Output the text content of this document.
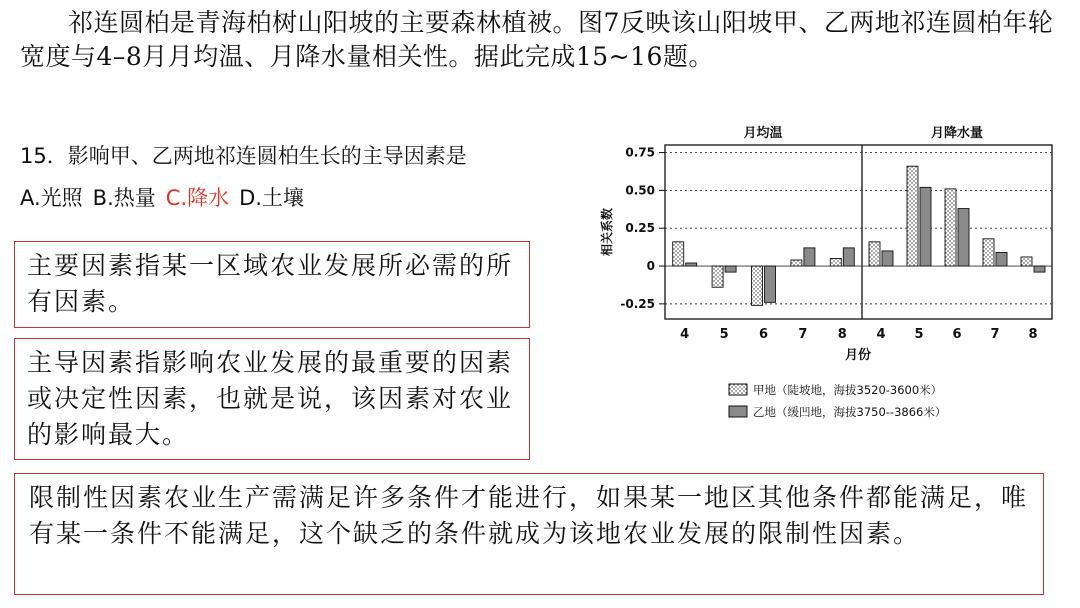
祁连圆柏是青海柏树山阳坡的主要森林植被。图7反映该山阳坡甲、乙两地祁连圆柏年轮宽度与4–8月月均温、月降水量相关性。据此完成15~16题。

15．影响甲、乙两地祁连圆柏生长的主导因素是

A.光照 B.热量 C.降水 D.土壤

主要因素指某一区域农业发展所必需的所有因素。

主导因素指影响农业发展的最重要的因素或决定性因素，也就是说，该因素对农业的影响最大。

限制性因素农业生产需满足许多条件才能进行，如果某一地区其他条件都能满足，唯有某一条件不能满足，这个缺乏的条件就成为该地农业发展的限制性因素。

0.75
0.50
0.25
0
-0.25
4 5 6 7 8 4 5 6 7 8
月均温	月降水量
相关系数
月份
甲地（陡坡地，海拔3520-3600米）
乙地（缓凹地，海拔3750--3866米）
